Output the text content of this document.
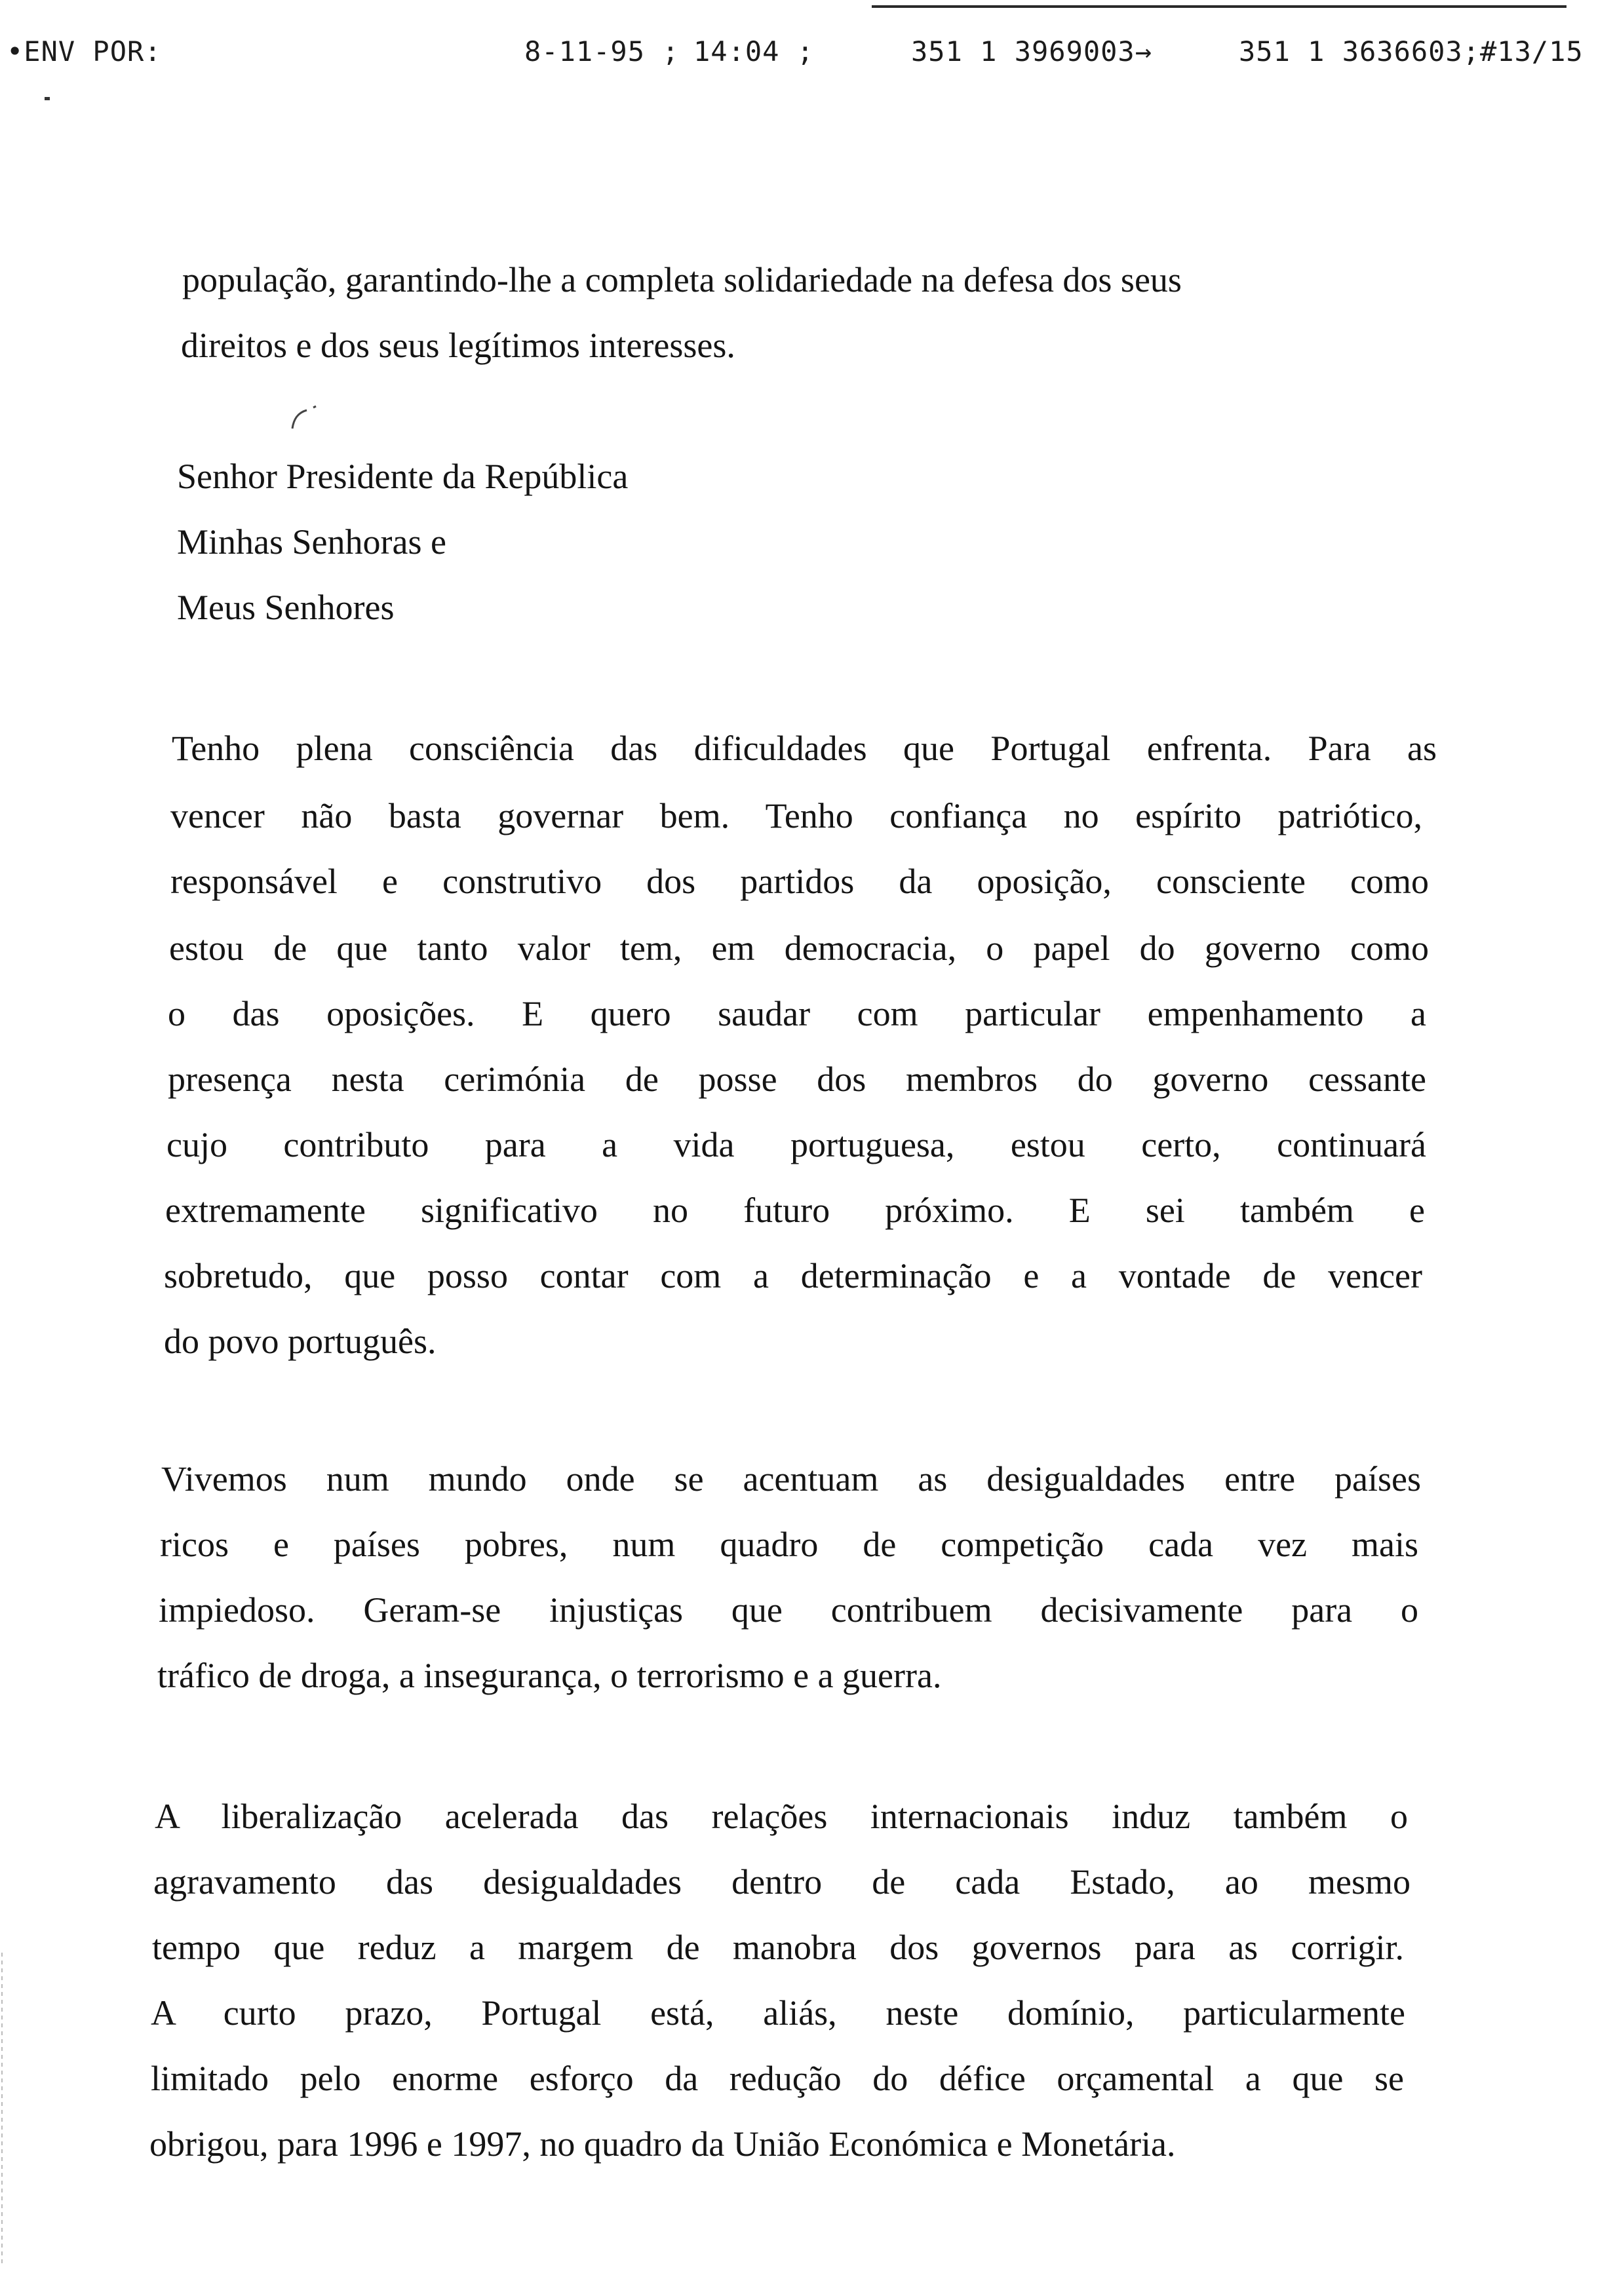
•ENV POR:	8-11-95 ; 14:04 ;	351 1 3969003→	351 1 3636603;#13/15
população, garantindo-lhe a completa solidariedade na defesa dos seus
direitos e dos seus legítimos interesses.
Senhor Presidente da República
Minhas Senhoras e
Meus Senhores
Tenho plena consciência das dificuldades que Portugal enfrenta. Para as
vencer não basta governar bem. Tenho confiança no espírito patriótico,
responsável e construtivo dos partidos da oposição, consciente como
estou de que tanto valor tem, em democracia, o papel do governo como
o das oposições. E quero saudar com particular empenhamento a
presença nesta cerimónia de posse dos membros do governo cessante
cujo contributo para a vida portuguesa, estou certo, continuará
extremamente significativo no futuro próximo. E sei também e
sobretudo, que posso contar com a determinação e a vontade de vencer
do povo português.
Vivemos num mundo onde se acentuam as desigualdades entre países
ricos e países pobres, num quadro de competição cada vez mais
impiedoso. Geram-se injustiças que contribuem decisivamente para o
tráfico de droga, a insegurança, o terrorismo e a guerra.
A liberalização acelerada das relações internacionais induz também o
agravamento das desigualdades dentro de cada Estado, ao mesmo
tempo que reduz a margem de manobra dos governos para as corrigir.
A curto prazo, Portugal está, aliás, neste domínio, particularmente
limitado pelo enorme esforço da redução do défice orçamental a que se
obrigou, para 1996 e 1997, no quadro da União Económica e Monetária.
